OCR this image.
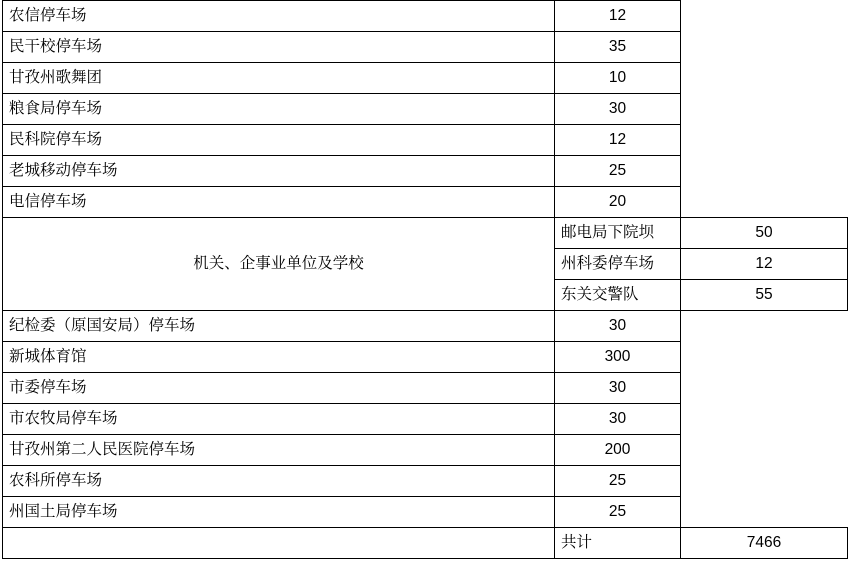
农信停车场	12	
民干校停车场	35	
甘孜州歌舞团	10	
粮食局停车场	30	
民科院停车场	12	
老城移动停车场	25	
电信停车场	20	
机关、企事业单位及学校	邮电局下院坝	50
	州科委停车场	12
	东关交警队	55
纪检委（原国安局）停车场	30	
新城体育馆	300	
市委停车场	30	
市农牧局停车场	30	
甘孜州第二人民医院停车场	200	
农科所停车场	25	
州国土局停车场	25	
	共计	7466
